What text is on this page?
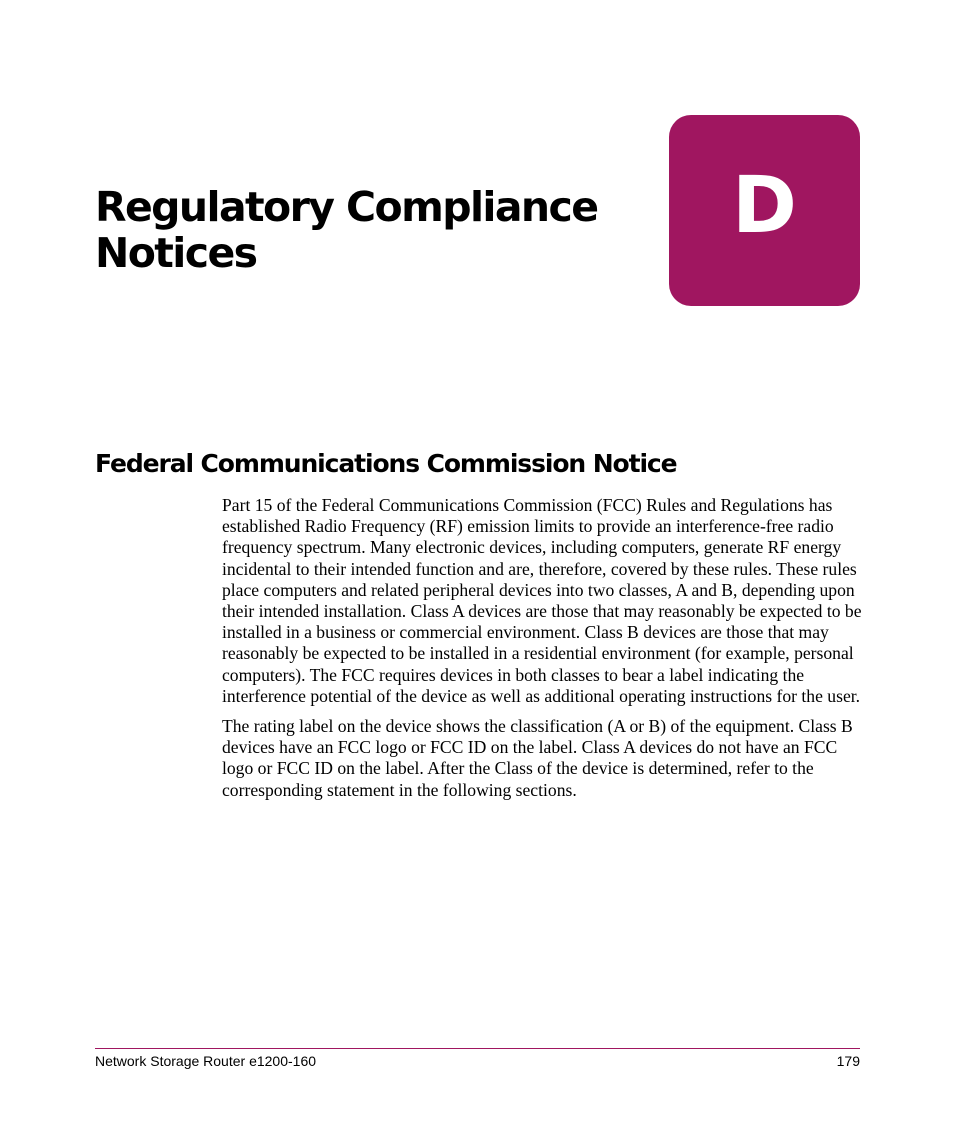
Regulatory Compliance
Notices
D
Federal Communications Commission Notice

Part 15 of the Federal Communications Commission (FCC) Rules and Regulations has established Radio Frequency (RF) emission limits to provide an interference-free radio frequency spectrum. Many electronic devices, including computers, generate RF energy incidental to their intended function and are, therefore, covered by these rules. These rules place computers and related peripheral devices into two classes, A and B, depending upon their intended installation. Class A devices are those that may reasonably be expected to be installed in a business or commercial environment. Class B devices are those that may reasonably be expected to be installed in a residential environment (for example, personal computers). The FCC requires devices in both classes to bear a label indicating the interference potential of the device as well as additional operating instructions for the user.

The rating label on the device shows the classification (A or B) of the equipment. Class B devices have an FCC logo or FCC ID on the label. Class A devices do not have an FCC logo or FCC ID on the label. After the Class of the device is determined, refer to the corresponding statement in the following sections.

Network Storage Router e1200-160	179
